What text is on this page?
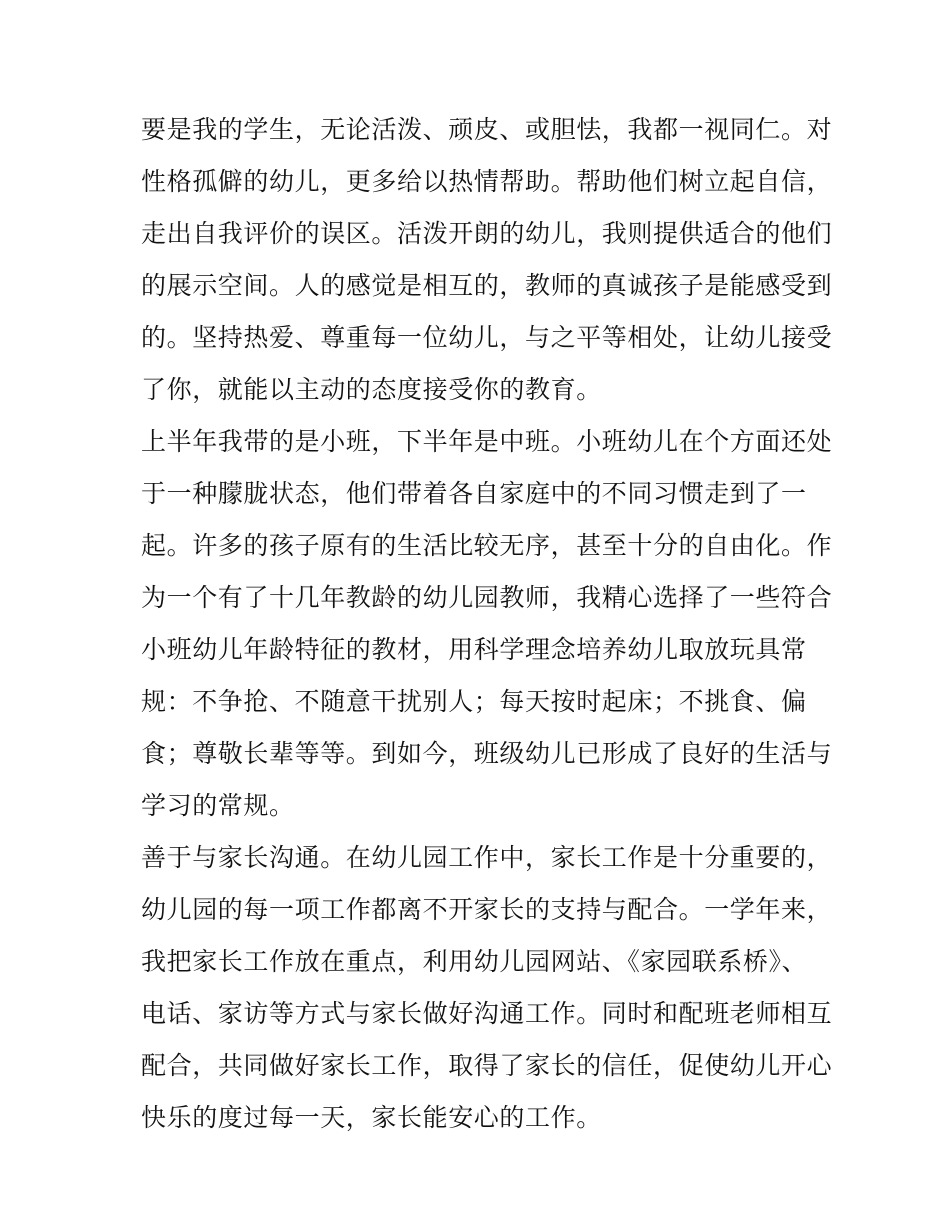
要是我的学生，无论活泼、顽皮、或胆怯，我都一视同仁。对
性格孤僻的幼儿，更多给以热情帮助。帮助他们树立起自信，
走出自我评价的误区。活泼开朗的幼儿，我则提供适合的他们
的展示空间。人的感觉是相互的，教师的真诚孩子是能感受到
的。坚持热爱、尊重每一位幼儿，与之平等相处，让幼儿接受
了你，就能以主动的态度接受你的教育。
上半年我带的是小班，下半年是中班。小班幼儿在个方面还处
于一种朦胧状态，他们带着各自家庭中的不同习惯走到了一
起。许多的孩子原有的生活比较无序，甚至十分的自由化。作
为一个有了十几年教龄的幼儿园教师，我精心选择了一些符合
小班幼儿年龄特征的教材，用科学理念培养幼儿取放玩具常
规：不争抢、不随意干扰别人；每天按时起床；不挑食、偏
食；尊敬长辈等等。到如今，班级幼儿已形成了良好的生活与
学习的常规。
善于与家长沟通。在幼儿园工作中，家长工作是十分重要的，
幼儿园的每一项工作都离不开家长的支持与配合。一学年来，
我把家长工作放在重点，利用幼儿园网站、《家园联系桥》、
电话、家访等方式与家长做好沟通工作。同时和配班老师相互
配合，共同做好家长工作，取得了家长的信任，促使幼儿开心
快乐的度过每一天，家长能安心的工作。
